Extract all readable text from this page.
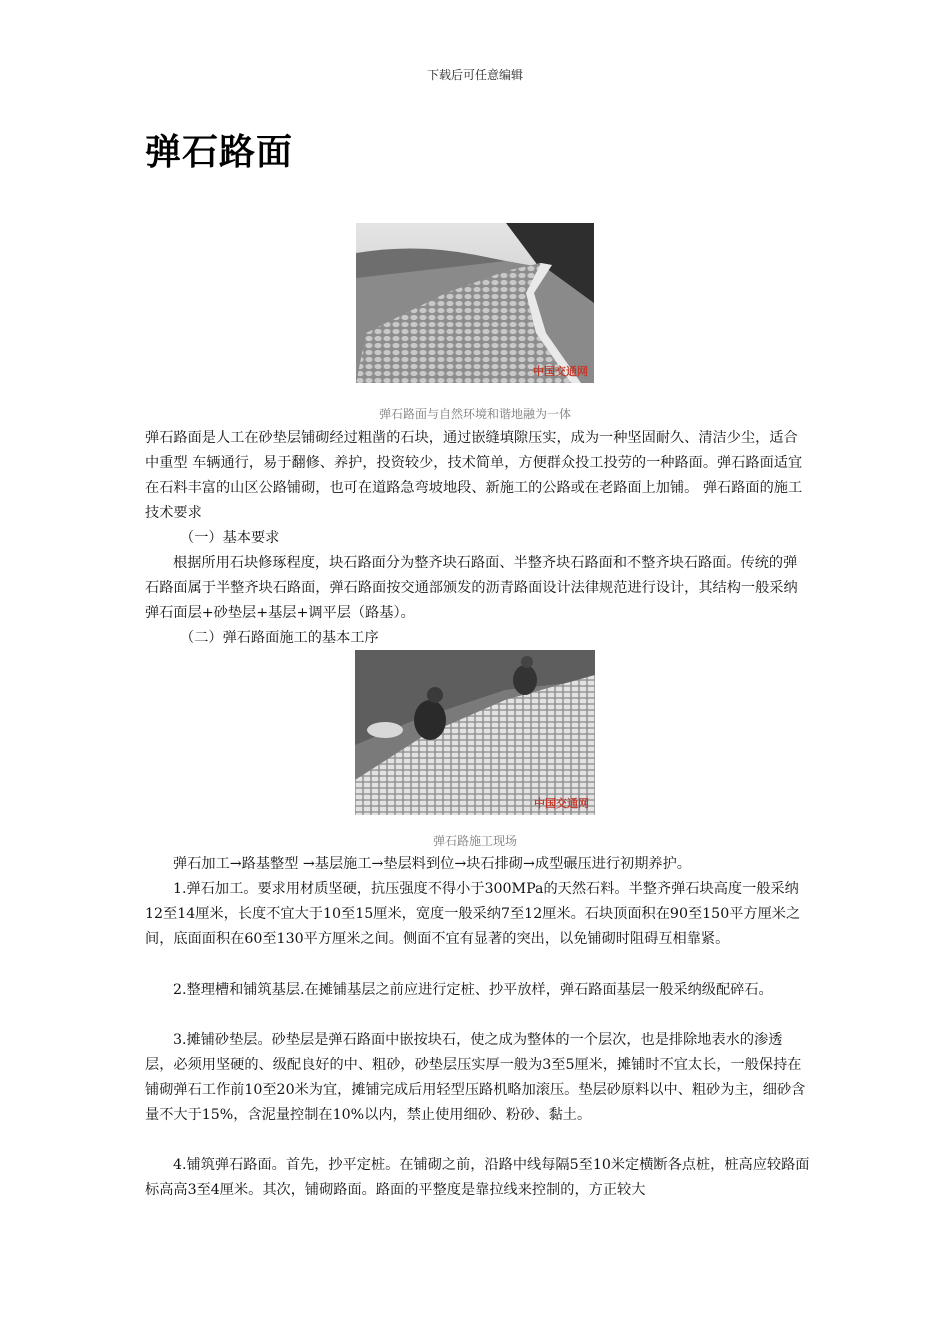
下载后可任意编辑
弹石路面
中国交通网
弹石路面与自然环境和谐地融为一体

弹石路面是人工在砂垫层铺砌经过粗凿的石块，通过嵌缝填隙压实，成为一种坚固耐久、清洁少尘，适合中重型 车辆通行，易于翻修、养护，投资较少，技术简单，方便群众投工投劳的一种路面。弹石路面适宜在石料丰富的山区公路铺砌，也可在道路急弯坡地段、新施工的公路或在老路面上加铺。 弹石路面的施工技术要求

（一）基本要求

根据所用石块修琢程度，块石路面分为整齐块石路面、半整齐块石路面和不整齐块石路面。传统的弹石路面属于半整齐块石路面，弹石路面按交通部颁发的沥青路面设计法律规范进行设计，其结构一般采纳弹石面层+砂垫层+基层+调平层（路基）。

（二）弹石路面施工的基本工序
中国交通网
弹石路施工现场
弹石加工→路基整型 →基层施工→垫层料到位→块石排砌→成型碾压进行初期养护。

1.弹石加工。要求用材质坚硬，抗压强度不得小于300MPa的天然石料。半整齐弹石块高度一般采纳12至14厘米，长度不宜大于10至15厘米，宽度一般采纳7至12厘米。石块顶面积在90至150平方厘米之间，底面面积在60至130平方厘米之间。侧面不宜有显著的突出，以免铺砌时阻碍互相靠紧。

2.整理槽和铺筑基层.在摊铺基层之前应进行定桩、抄平放样，弹石路面基层一般采纳级配碎石。

3.摊铺砂垫层。砂垫层是弹石路面中嵌按块石，使之成为整体的一个层次，也是排除地表水的渗透层，必须用坚硬的、级配良好的中、粗砂，砂垫层压实厚一般为3至5厘米，摊铺时不宜太长，一般保持在铺砌弹石工作前10至20米为宜，摊铺完成后用轻型压路机略加滚压。垫层砂原料以中、粗砂为主，细砂含量不大于15%，含泥量控制在10%以内，禁止使用细砂、粉砂、黏土。

4.铺筑弹石路面。首先，抄平定桩。在铺砌之前，沿路中线每隔5至10米定横断各点桩，桩高应较路面标高高3至4厘米。其次，铺砌路面。路面的平整度是靠拉线来控制的，方正较大
